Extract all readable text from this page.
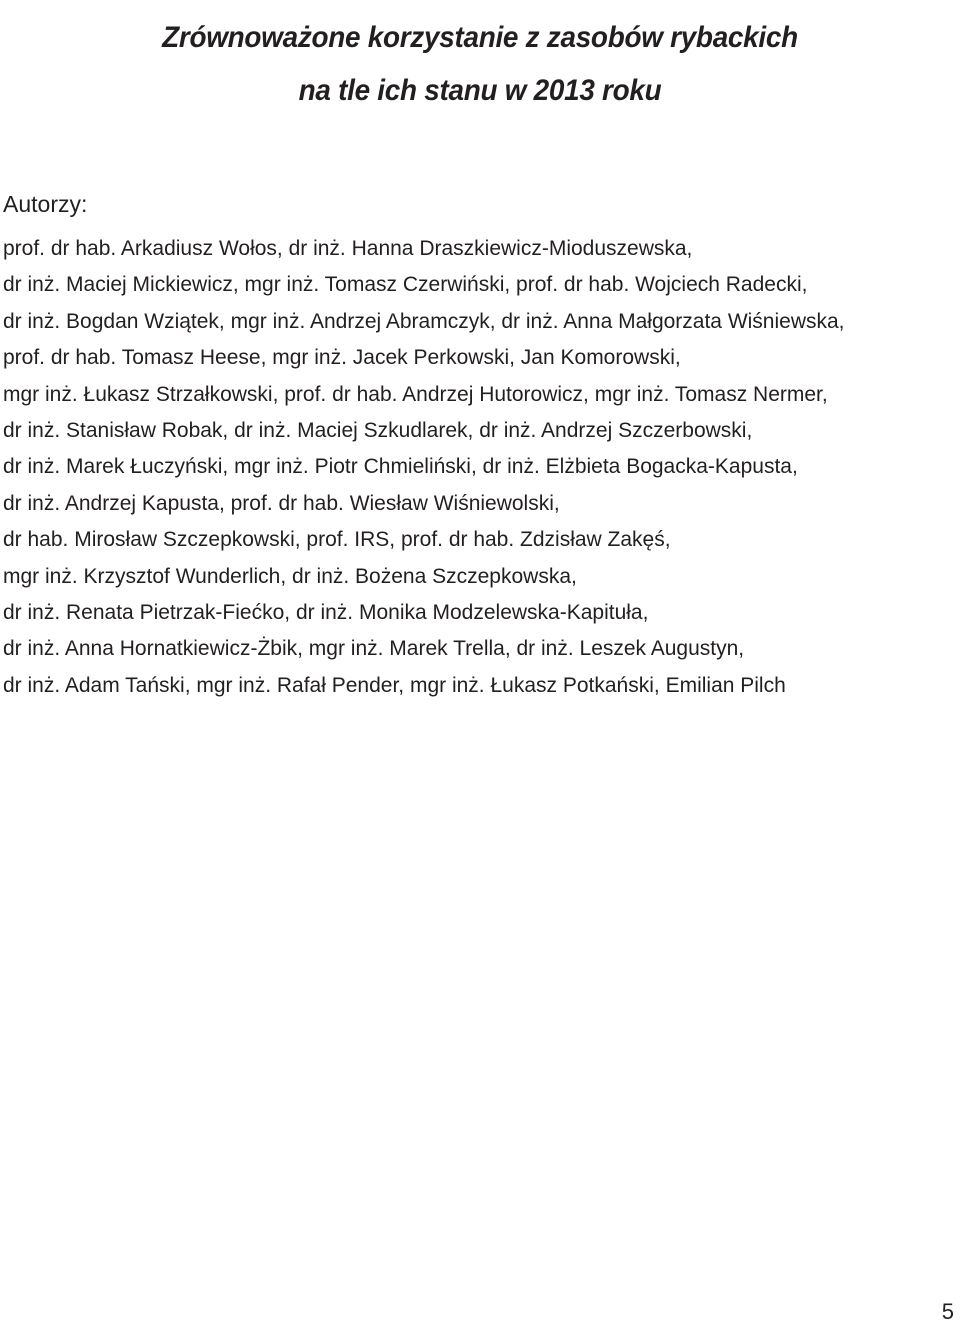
Zrównoważone korzystanie z zasobów rybackich
na tle ich stanu w 2013 roku
Autorzy:
prof. dr hab. Arkadiusz Wołos, dr inż. Hanna Draszkiewicz-Mioduszewska,
dr inż. Maciej Mickiewicz, mgr inż. Tomasz Czerwiński, prof. dr hab. Wojciech Radecki,
dr inż. Bogdan Wziątek, mgr inż. Andrzej Abramczyk, dr inż. Anna Małgorzata Wiśniewska,
prof. dr hab. Tomasz Heese, mgr inż. Jacek Perkowski, Jan Komorowski,
mgr inż. Łukasz Strzałkowski, prof. dr hab. Andrzej Hutorowicz, mgr inż. Tomasz Nermer,
dr inż. Stanisław Robak, dr inż. Maciej Szkudlarek, dr inż. Andrzej Szczerbowski,
dr inż. Marek Łuczyński, mgr inż. Piotr Chmieliński, dr inż. Elżbieta Bogacka-Kapusta,
dr inż. Andrzej Kapusta, prof. dr hab. Wiesław Wiśniewolski,
dr hab. Mirosław Szczepkowski, prof. IRS, prof. dr hab. Zdzisław Zakęś,
mgr inż. Krzysztof Wunderlich, dr inż. Bożena Szczepkowska,
dr inż. Renata Pietrzak-Fiećko, dr inż. Monika Modzelewska-Kapituła,
dr inż. Anna Hornatkiewicz-Żbik, mgr inż. Marek Trella, dr inż. Leszek Augustyn,
dr inż. Adam Tański, mgr inż. Rafał Pender, mgr inż. Łukasz Potkański, Emilian Pilch
5
